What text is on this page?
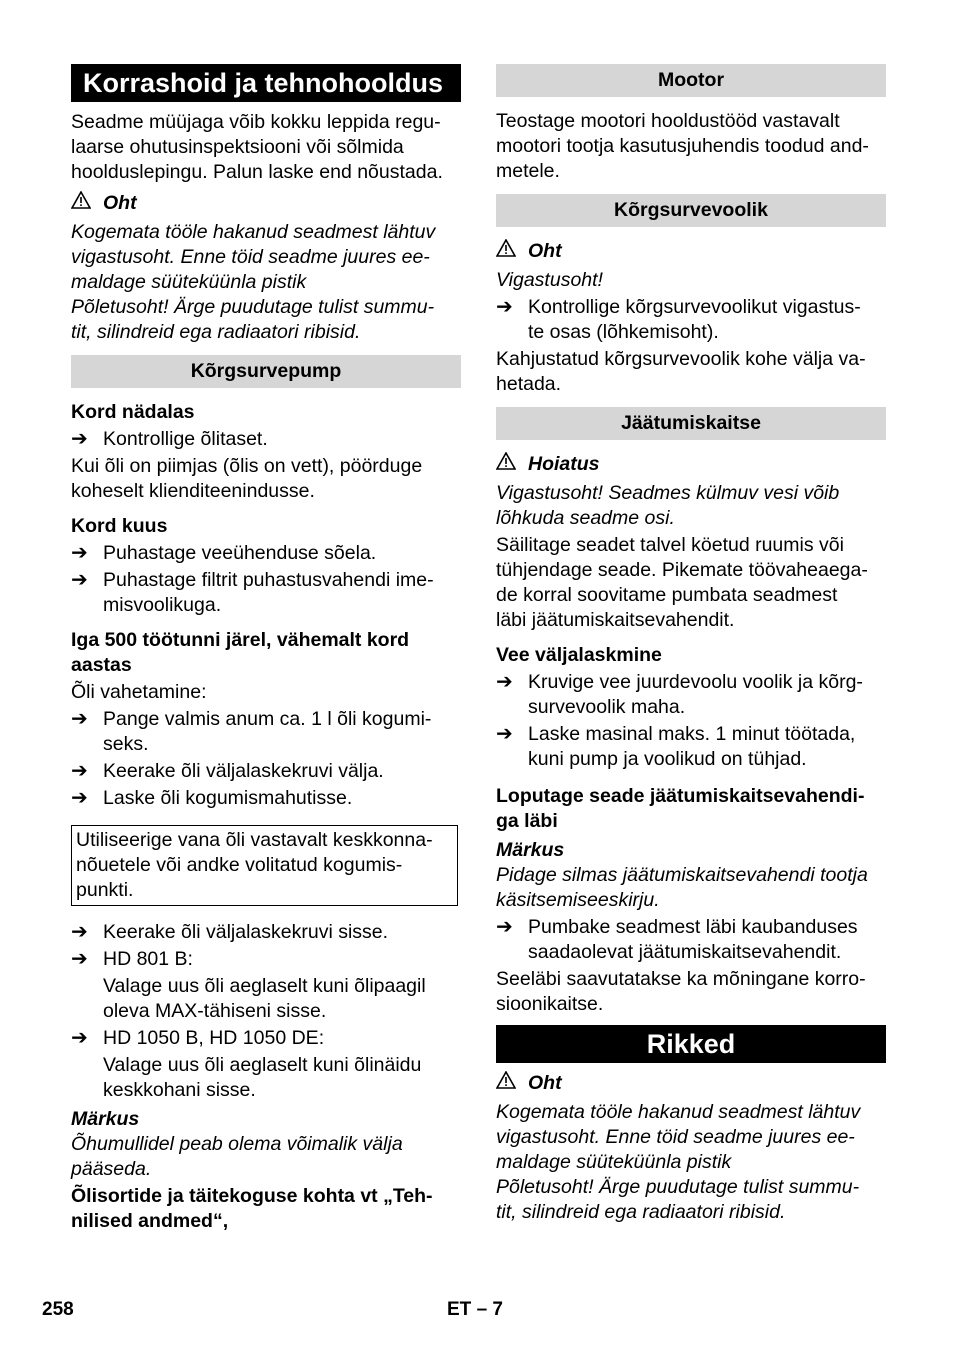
Korrashoid ja tehnohooldus
Seadme müüjaga võib kokku leppida regu-
laarse ohutusinspektsiooni või sõlmida
hoolduslepingu. Palun laske end nõustada.
Oht
Kogemata tööle hakanud seadmest lähtuv
vigastusoht. Enne töid seadme juures ee-
maldage süüteküünla pistik
Põletusoht! Ärge puudutage tulist summu-
tit, silindreid ega radiaatori ribisid.
Kõrgsurvepump
Kord nädalas
➔ Kontrollige õlitaset.
Kui õli on piimjas (õlis on vett), pöörduge
koheselt klienditeenindusse.
Kord kuus
➔ Puhastage veeühenduse sõela.
➔ Puhastage filtrit puhastusvahendi ime-
misvoolikuga.
Iga 500 töötunni järel, vähemalt kord
aastas
Õli vahetamine:
➔ Pange valmis anum ca. 1 l õli kogumi-
seks.
➔ Keerake õli väljalaskekruvi välja.
➔ Laske õli kogumismahutisse.
Utiliseerige vana õli vastavalt keskkonna-
nõuetele või andke volitatud kogumis-
punkti.
➔ Keerake õli väljalaskekruvi sisse.
➔ HD 801 B:
Valage uus õli aeglaselt kuni õlipaagil
oleva MAX-tähiseni sisse.
➔ HD 1050 B, HD 1050 DE:
Valage uus õli aeglaselt kuni õlinäidu
keskkohani sisse.
Märkus
Õhumullidel peab olema võimalik välja
pääseda.
Õlisortide ja täitekoguse kohta vt „Teh-
nilised andmed“,
Mootor
Teostage mootori hooldustööd vastavalt
mootori tootja kasutusjuhendis toodud and-
metele.
Kõrgsurvevoolik
Oht
Vigastusoht!
➔ Kontrollige kõrgsurvevoolikut vigastus-
te osas (lõhkemisoht).
Kahjustatud kõrgsurvevoolik kohe välja va-
hetada.
Jäätumiskaitse
Hoiatus
Vigastusoht! Seadmes külmuv vesi võib
lõhkuda seadme osi.
Säilitage seadet talvel köetud ruumis või
tühjendage seade. Pikemate töövaheaega-
de korral soovitame pumbata seadmest
läbi jäätumiskaitsevahendit.
Vee väljalaskmine
➔ Kruvige vee juurdevoolu voolik ja kõrg-
survevoolik maha.
➔ Laske masinal maks. 1 minut töötada,
kuni pump ja voolikud on tühjad.
Loputage seade jäätumiskaitsevahendi-
ga läbi
Märkus
Pidage silmas jäätumiskaitsevahendi tootja
käsitsemiseeskirju.
➔ Pumbake seadmest läbi kaubanduses
saadaolevat jäätumiskaitsevahendit.
Seeläbi saavutatakse ka mõningane korro-
sioonikaitse.
Rikked
Oht
Kogemata tööle hakanud seadmest lähtuv
vigastusoht. Enne töid seadme juures ee-
maldage süüteküünla pistik
Põletusoht! Ärge puudutage tulist summu-
tit, silindreid ega radiaatori ribisid.
258	ET – 7
